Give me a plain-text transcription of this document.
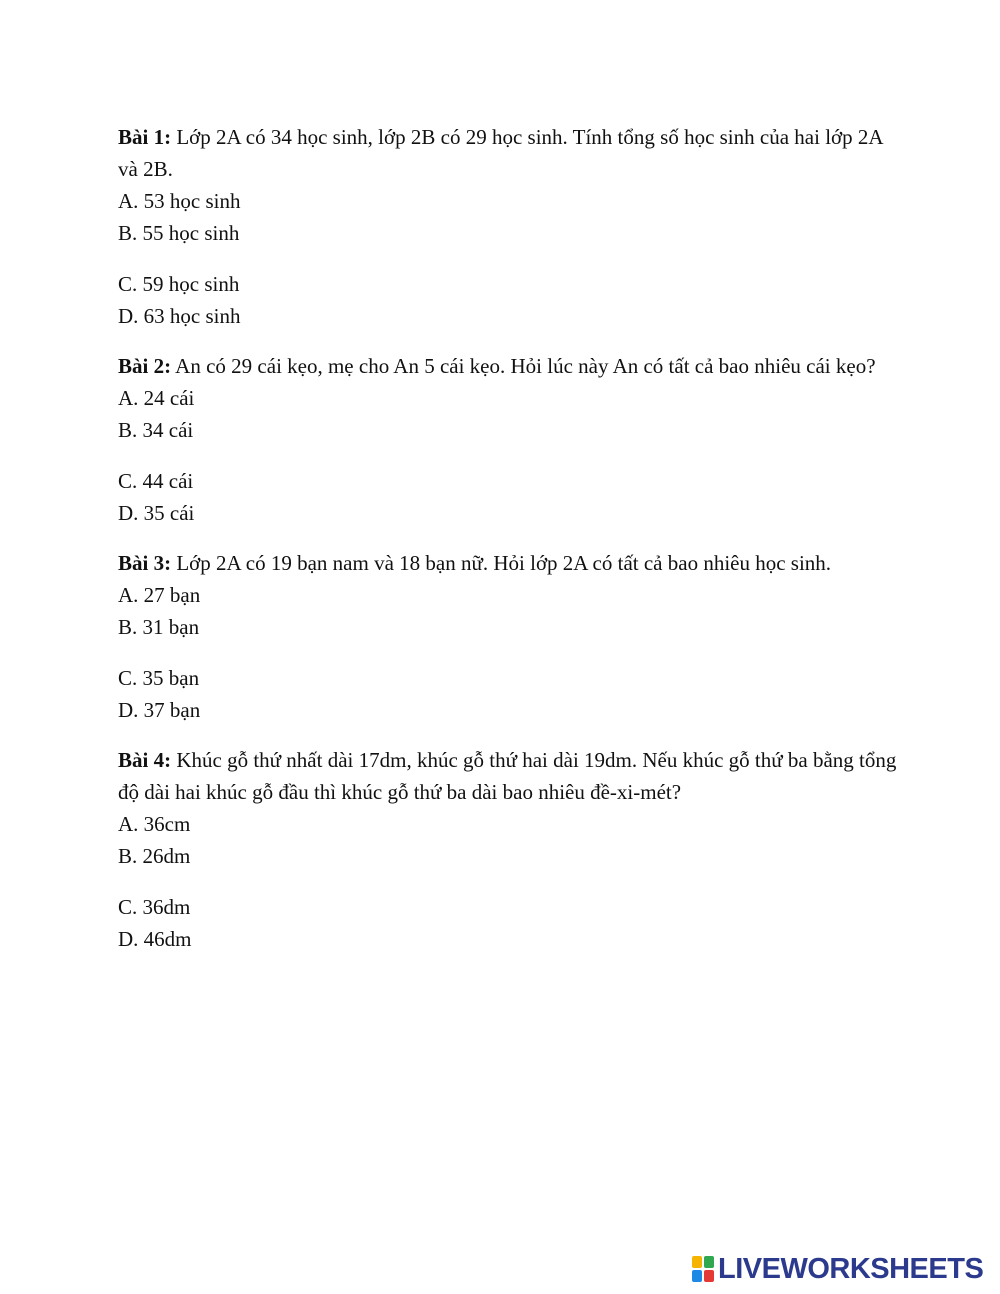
Bài 1: Lớp 2A có 34 học sinh, lớp 2B có 29 học sinh. Tính tổng số học sinh của hai lớp 2A và 2B.

A. 53 học sinh

B. 55 học sinh

C. 59 học sinh

D. 63 học sinh

Bài 2: An có 29 cái kẹo, mẹ cho An 5 cái kẹo. Hỏi lúc này An có tất cả bao nhiêu cái kẹo?

A. 24 cái

B. 34 cái

C. 44 cái

D. 35 cái

Bài 3: Lớp 2A có 19 bạn nam và 18 bạn nữ. Hỏi lớp 2A có tất cả bao nhiêu học sinh.

A. 27 bạn

B. 31 bạn

C. 35 bạn

D. 37 bạn

Bài 4: Khúc gỗ thứ nhất dài 17dm, khúc gỗ thứ hai dài 19dm. Nếu khúc gỗ thứ ba bằng tổng độ dài hai khúc gỗ đầu thì khúc gỗ thứ ba dài bao nhiêu đề-xi-mét?

A. 36cm

B. 26dm

C. 36dm

D. 46dm

LIVEWORKSHEETS
